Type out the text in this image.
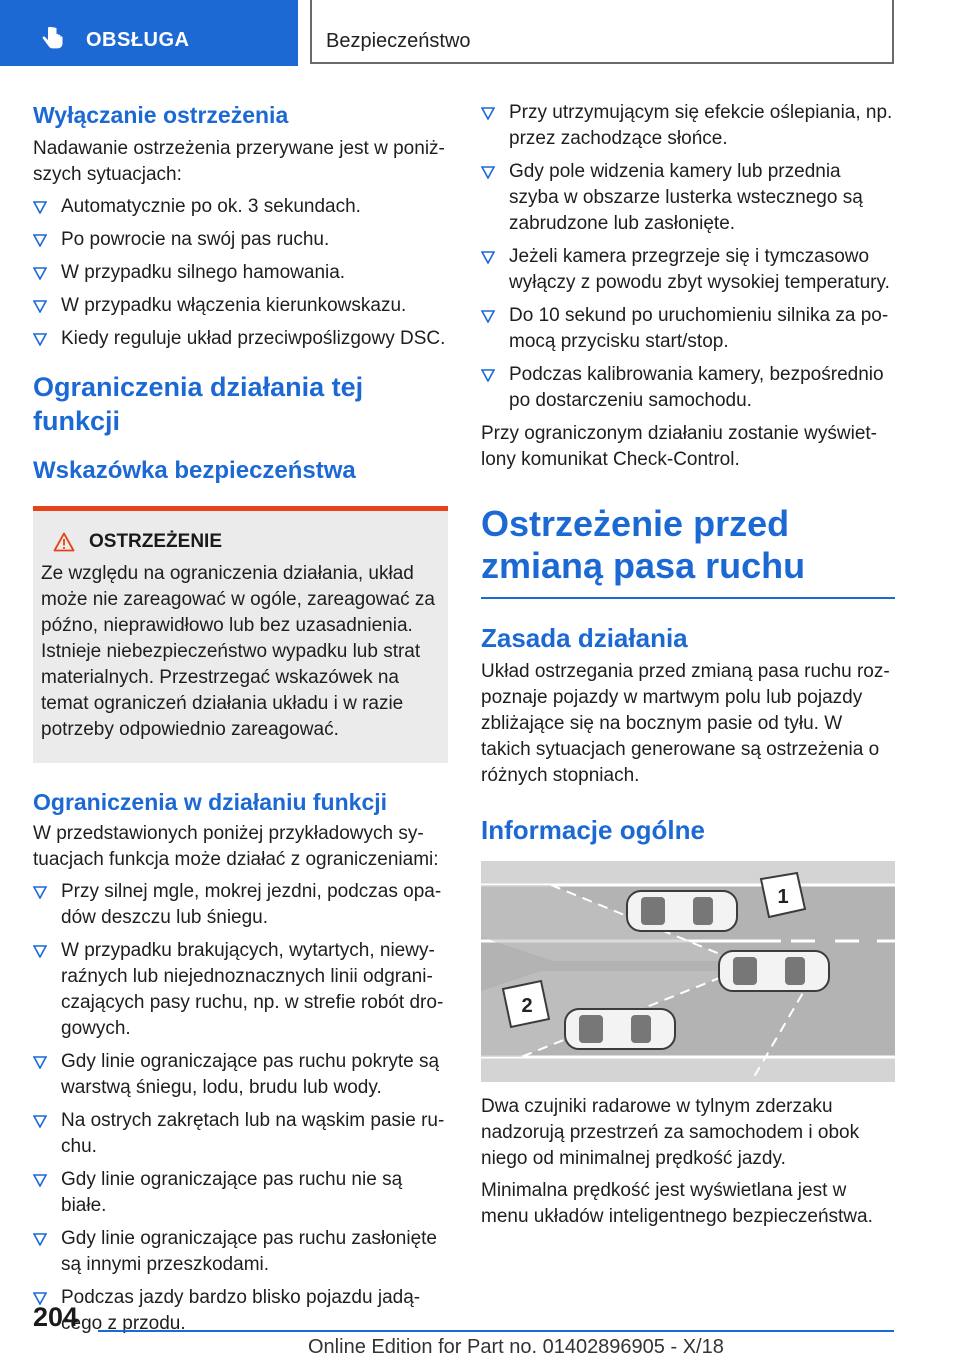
OBSŁUGA	Bezpieczeństwo
Wyłączanie ostrzeżenia

Nadawanie ostrzeżenia przerywane jest w poniższych sytuacjach:

Automatycznie po ok. 3 sekundach.
Po powrocie na swój pas ruchu.
W przypadku silnego hamowania.
W przypadku włączenia kierunkowskazu.
Kiedy reguluje układ przeciwpoślizgowy DSC.
Ograniczenia działania tej funkcji
Wskazówka bezpieczeństwa
OSTRZEŻENIE
Ze względu na ograniczenia działania, układ może nie zareagować w ogóle, zareagować za późno, nieprawidłowo lub bez uzasadnienia. Istnieje niebezpieczeństwo wypadku lub strat materialnych. Przestrzegać wskazówek na temat ograniczeń działania układu i w razie potrzeby odpowiednio zareagować.
Ograniczenia w działaniu funkcji

W przedstawionych poniżej przykładowych sytuacjach funkcja może działać z ograniczeniami:

Przy silnej mgle, mokrej jezdni, podczas opadów deszczu lub śniegu.
W przypadku brakujących, wytartych, niewyraźnych lub niejednoznacznych linii odgraniczających pasy ruchu, np. w strefie robót drogowych.
Gdy linie ograniczające pas ruchu pokryte są warstwą śniegu, lodu, brudu lub wody.
Na ostrych zakrętach lub na wąskim pasie ruchu.
Gdy linie ograniczające pas ruchu nie są białe.
Gdy linie ograniczające pas ruchu zasłonięte są innymi przeszkodami.
Podczas jazdy bardzo blisko pojazdu jadącego z przodu.
Przy utrzymującym się efekcie oślepiania, np. przez zachodzące słońce.
Gdy pole widzenia kamery lub przednia szyba w obszarze lusterka wstecznego są zabrudzone lub zasłonięte.
Jeżeli kamera przegrzeje się i tymczasowo wyłączy z powodu zbyt wysokiej temperatury.
Do 10 sekund po uruchomieniu silnika za pomocą przycisku start/stop.
Podczas kalibrowania kamery, bezpośrednio po dostarczeniu samochodu.

Przy ograniczonym działaniu zostanie wyświetlony komunikat Check-Control.

Ostrzeżenie przed zmianą pasa ruchu
Zasada działania

Układ ostrzegania przed zmianą pasa ruchu rozpoznaje pojazdy w martwym polu lub pojazdy zbliżające się na bocznym pasie od tyłu. W takich sytuacjach generowane są ostrzeżenia o różnych stopniach.

Informacje ogólne
1
2

Dwa czujniki radarowe w tylnym zderzaku nadzorują przestrzeń za samochodem i obok niego od minimalnej prędkość jazdy.

Minimalna prędkość jest wyświetlana jest w menu układów inteligentnego bezpieczeństwa.

204
Online Edition for Part no. 01402896905 - X/18
